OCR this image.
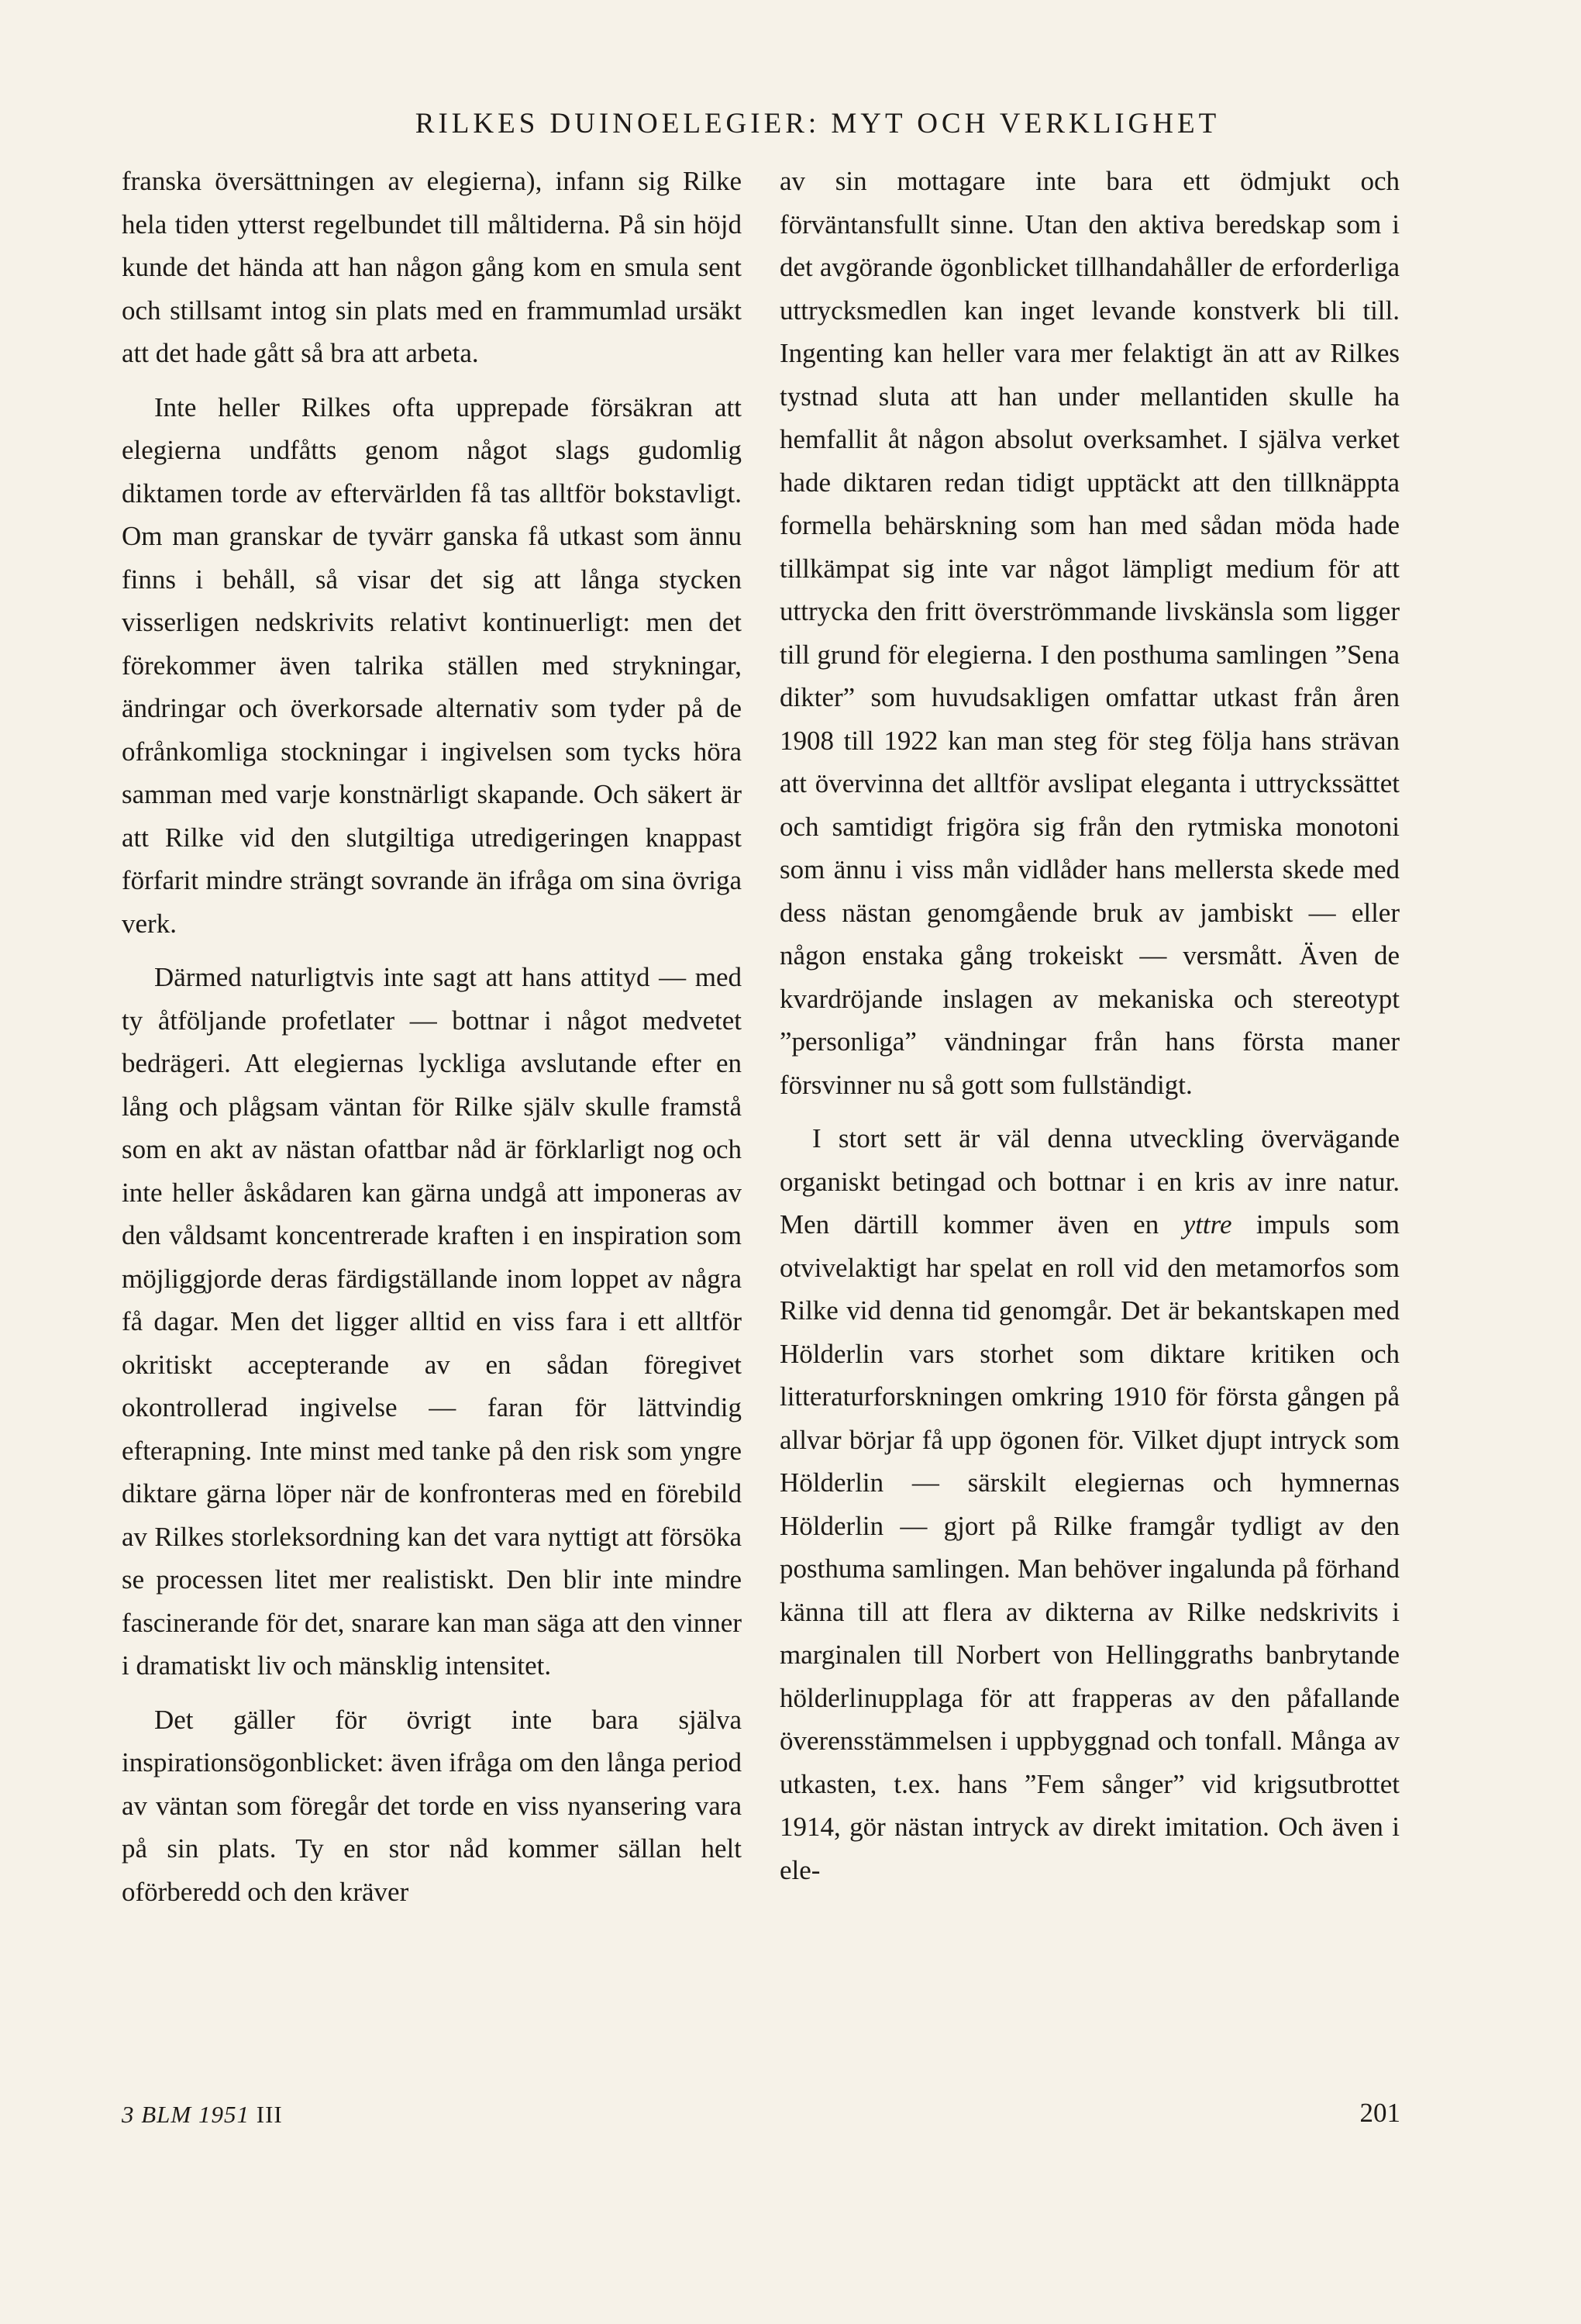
RILKES DUINOELEGIER: MYT OCH VERKLIGHET

franska översättningen av elegierna), infann sig Rilke hela tiden ytterst regelbundet till måltiderna. På sin höjd kunde det hända att han någon gång kom en smula sent och stillsamt intog sin plats med en frammumlad ursäkt att det hade gått så bra att arbeta.

Inte heller Rilkes ofta upprepade försäkran att elegierna undfåtts genom något slags gudomlig diktamen torde av eftervärlden få tas alltför bokstavligt. Om man granskar de tyvärr ganska få utkast som ännu finns i behåll, så visar det sig att långa stycken visserligen nedskrivits relativt kontinuerligt: men det förekommer även talrika ställen med strykningar, ändringar och överkorsade alternativ som tyder på de ofrånkomliga stockningar i ingivelsen som tycks höra samman med varje konstnärligt skapande. Och säkert är att Rilke vid den slutgiltiga utredigeringen knappast förfarit mindre strängt sovrande än ifråga om sina övriga verk.

Därmed naturligtvis inte sagt att hans attityd — med ty åtföljande profetlater — bottnar i något medvetet bedrägeri. Att elegiernas lyckliga avslutande efter en lång och plågsam väntan för Rilke själv skulle framstå som en akt av nästan ofattbar nåd är förklarligt nog och inte heller åskådaren kan gärna undgå att imponeras av den våldsamt koncentrerade kraften i en inspiration som möjliggjorde deras färdigställande inom loppet av några få dagar. Men det ligger alltid en viss fara i ett alltför okritiskt accepterande av en sådan föregivet okontrollerad ingivelse — faran för lättvindig efterapning. Inte minst med tanke på den risk som yngre diktare gärna löper när de konfronteras med en förebild av Rilkes storleksordning kan det vara nyttigt att försöka se processen litet mer realistiskt. Den blir inte mindre fascinerande för det, snarare kan man säga att den vinner i dramatiskt liv och mänsklig intensitet.

Det gäller för övrigt inte bara själva inspirationsögonblicket: även ifråga om den långa period av väntan som föregår det torde en viss nyansering vara på sin plats. Ty en stor nåd kommer sällan helt oförberedd och den kräver

av sin mottagare inte bara ett ödmjukt och förväntansfullt sinne. Utan den aktiva beredskap som i det avgörande ögonblicket tillhandahåller de erforderliga uttrycksmedlen kan inget levande konstverk bli till. Ingenting kan heller vara mer felaktigt än att av Rilkes tystnad sluta att han under mellantiden skulle ha hemfallit åt någon absolut overksamhet. I själva verket hade diktaren redan tidigt upptäckt att den tillknäppta formella behärskning som han med sådan möda hade tillkämpat sig inte var något lämpligt medium för att uttrycka den fritt överströmmande livskänsla som ligger till grund för elegierna. I den posthuma samlingen ”Sena dikter” som huvudsakligen omfattar utkast från åren 1908 till 1922 kan man steg för steg följa hans strävan att övervinna det alltför avslipat eleganta i uttryckssättet och samtidigt frigöra sig från den rytmiska monotoni som ännu i viss mån vidlåder hans mellersta skede med dess nästan genomgående bruk av jambiskt — eller någon enstaka gång trokeiskt — versmått. Även de kvardröjande inslagen av mekaniska och stereotypt ”personliga” vändningar från hans första maner försvinner nu så gott som fullständigt.

I stort sett är väl denna utveckling övervägande organiskt betingad och bottnar i en kris av inre natur. Men därtill kommer även en yttre impuls som otvivelaktigt har spelat en roll vid den metamorfos som Rilke vid denna tid genomgår. Det är bekantskapen med Hölderlin vars storhet som diktare kritiken och litteraturforskningen omkring 1910 för första gången på allvar börjar få upp ögonen för. Vilket djupt intryck som Hölderlin — särskilt elegiernas och hymnernas Hölderlin — gjort på Rilke framgår tydligt av den posthuma samlingen. Man behöver ingalunda på förhand känna till att flera av dikterna av Rilke nedskrivits i marginalen till Norbert von Hellinggraths banbrytande hölderlinupplaga för att frapperas av den påfallande överensstämmelsen i uppbyggnad och tonfall. Många av utkasten, t.ex. hans ”Fem sånger” vid krigsutbrottet 1914, gör nästan intryck av direkt imitation. Och även i ele-

3 BLM 1951 III	201
